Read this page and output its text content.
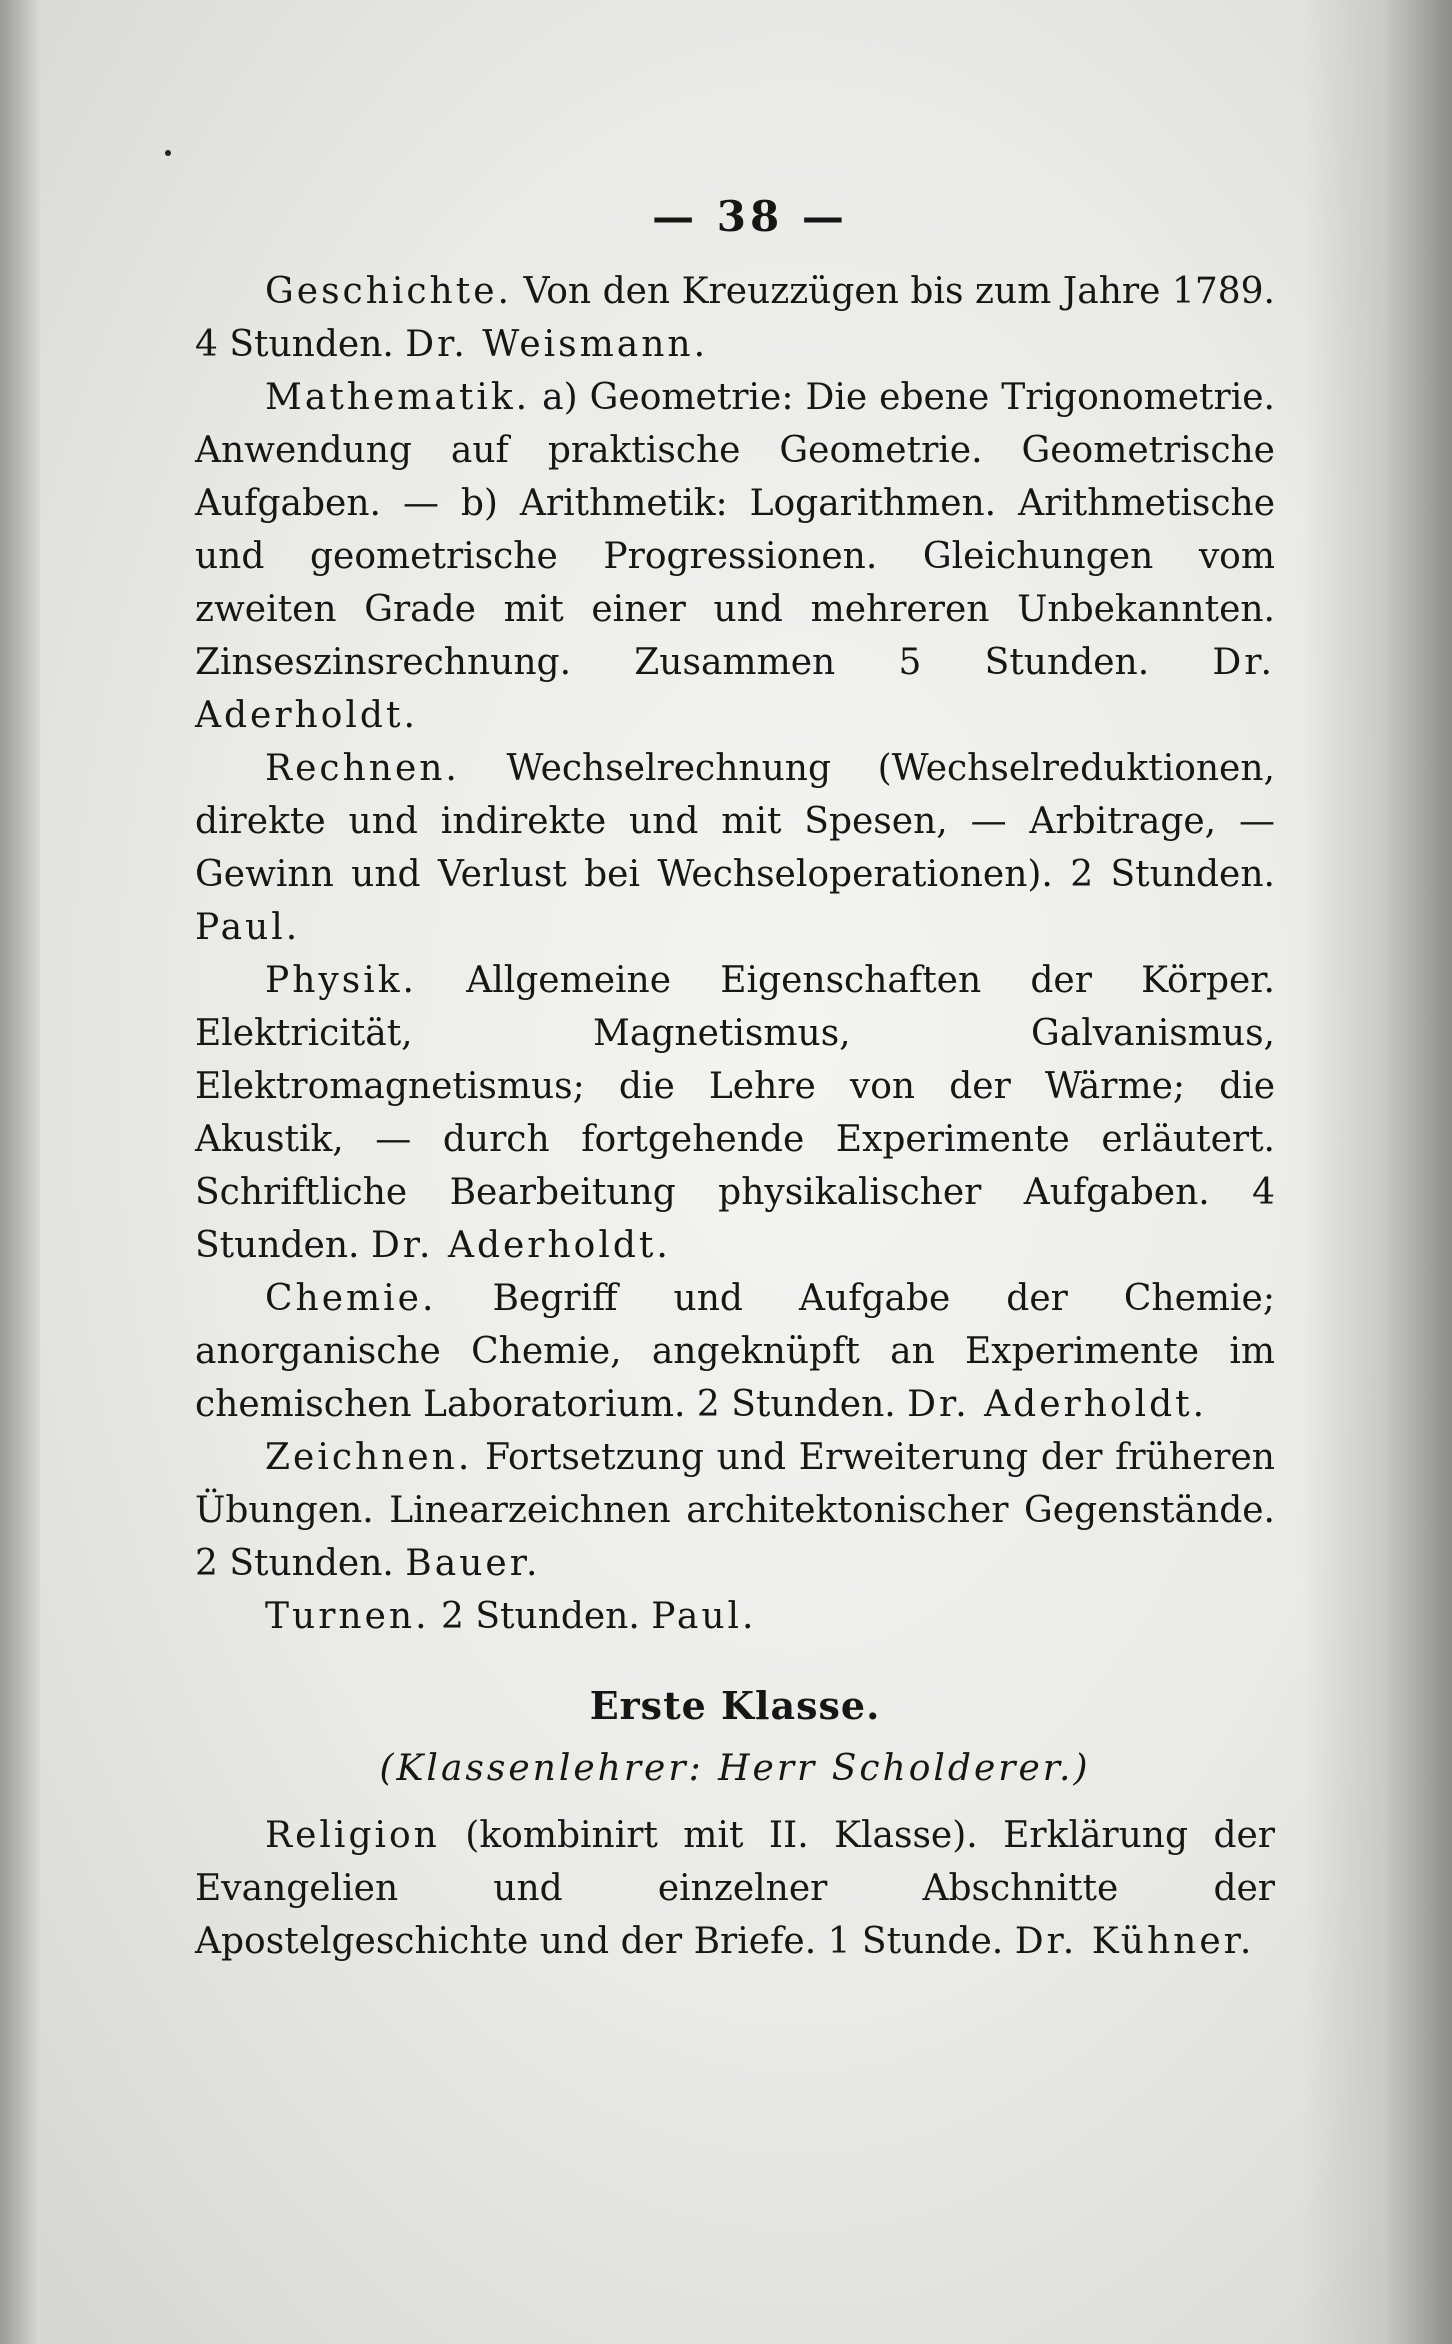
— 38 —

Geschichte. Von den Kreuzzügen bis zum Jahre 1789. 4 Stunden. Dr. Weismann.

Mathematik. a) Geometrie: Die ebene Trigonometrie. Anwendung auf praktische Geometrie. Geometrische Aufgaben. — b) Arithmetik: Logarithmen. Arithmetische und geometrische Progressionen. Gleichungen vom zweiten Grade mit einer und mehreren Unbekannten. Zinseszinsrechnung. Zusammen 5 Stunden. Dr. Aderholdt.

Rechnen. Wechselrechnung (Wechselreduktionen, direkte und indirekte und mit Spesen, — Arbitrage, — Gewinn und Verlust bei Wechseloperationen). 2 Stunden. Paul.

Physik. Allgemeine Eigenschaften der Körper. Elektricität, Magnetismus, Galvanismus, Elektromagnetismus; die Lehre von der Wärme; die Akustik, — durch fortgehende Experimente erläutert. Schriftliche Bearbeitung physikalischer Aufgaben. 4 Stunden. Dr. Aderholdt.

Chemie. Begriff und Aufgabe der Chemie; anorganische Chemie, angeknüpft an Experimente im chemischen Laboratorium. 2 Stunden. Dr. Aderholdt.

Zeichnen. Fortsetzung und Erweiterung der früheren Übungen. Linearzeichnen architektonischer Gegenstände. 2 Stunden. Bauer.

Turnen. 2 Stunden. Paul.

Erste Klasse.
(Klassenlehrer: Herr Scholderer.)

Religion (kombinirt mit II. Klasse). Erklärung der Evangelien und einzelner Abschnitte der Apostelgeschichte und der Briefe. 1 Stunde. Dr. Kühner.
